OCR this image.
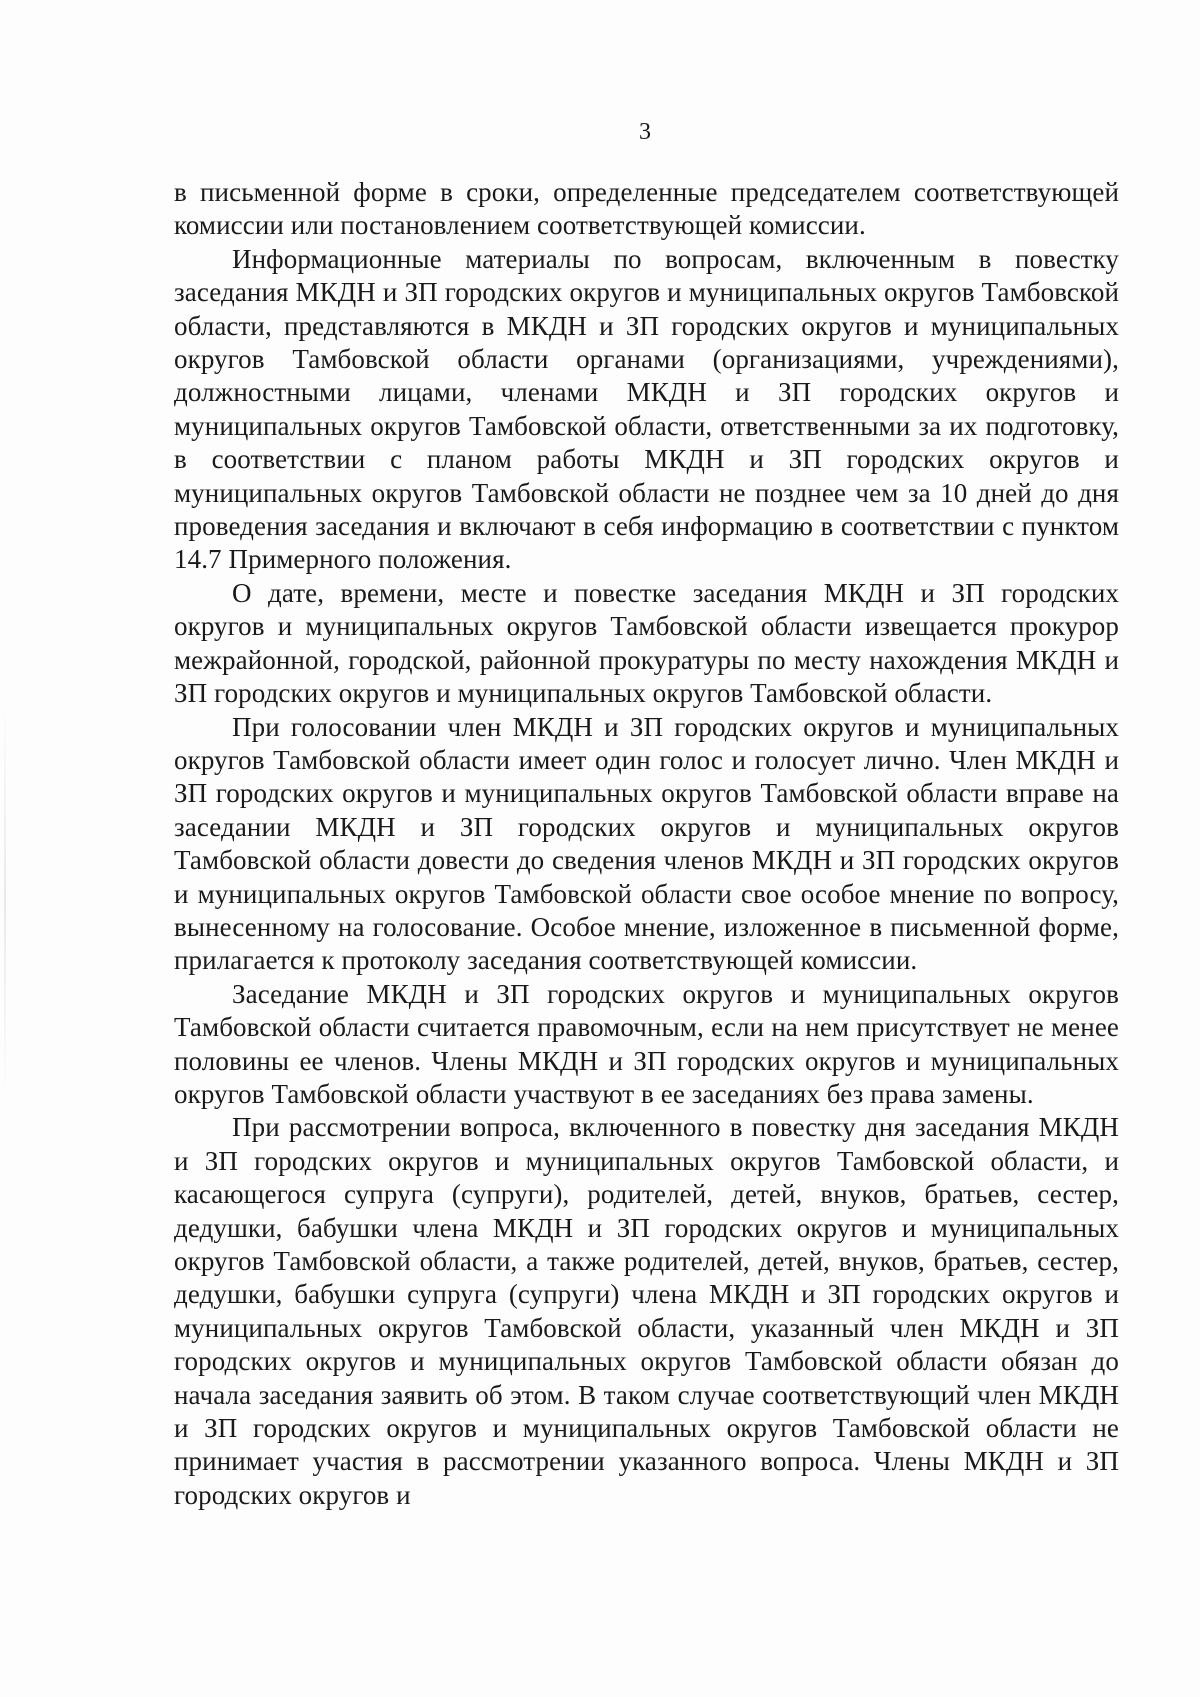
3

в письменной форме в сроки, определенные председателем соответствующей комиссии или постановлением соответствующей комиссии.

Информационные материалы по вопросам, включенным в повестку заседания МКДН и ЗП городских округов и муниципальных округов Тамбовской области, представляются в МКДН и ЗП городских округов и муниципальных округов Тамбовской области органами (организациями, учреждениями), должностными лицами, членами МКДН и ЗП городских округов и муниципальных округов Тамбовской области, ответственными за их подготовку, в соответствии с планом работы МКДН и ЗП городских округов и муниципальных округов Тамбовской области не позднее чем за 10 дней до дня проведения заседания и включают в себя информацию в соответствии с пунктом 14.7 Примерного положения.

О дате, времени, месте и повестке заседания МКДН и ЗП городских округов и муниципальных округов Тамбовской области извещается прокурор межрайонной, городской, районной прокуратуры по месту нахождения МКДН и ЗП городских округов и муниципальных округов Тамбовской области.

При голосовании член МКДН и ЗП городских округов и муниципальных округов Тамбовской области имеет один голос и голосует лично. Член МКДН и ЗП городских округов и муниципальных округов Тамбовской области вправе на заседании МКДН и ЗП городских округов и муниципальных округов Тамбовской области довести до сведения членов МКДН и ЗП городских округов и муниципальных округов Тамбовской области свое особое мнение по вопросу, вынесенному на голосование. Особое мнение, изложенное в письменной форме, прилагается к протоколу заседания соответствующей комиссии.

Заседание МКДН и ЗП городских округов и муниципальных округов Тамбовской области считается правомочным, если на нем присутствует не менее половины ее членов. Члены МКДН и ЗП городских округов и муниципальных округов Тамбовской области участвуют в ее заседаниях без права замены.

При рассмотрении вопроса, включенного в повестку дня заседания МКДН и ЗП городских округов и муниципальных округов Тамбовской области, и касающегося супруга (супруги), родителей, детей, внуков, братьев, сестер, дедушки, бабушки члена МКДН и ЗП городских округов и муниципальных округов Тамбовской области, а также родителей, детей, внуков, братьев, сестер, дедушки, бабушки супруга (супруги) члена МКДН и ЗП городских округов и муниципальных округов Тамбовской области, указанный член МКДН и ЗП городских округов и муниципальных округов Тамбовской области обязан до начала заседания заявить об этом. В таком случае соответствующий член МКДН и ЗП городских округов и муниципальных округов Тамбовской области не принимает участия в рассмотрении указанного вопроса. Члены МКДН и ЗП городских округов и
